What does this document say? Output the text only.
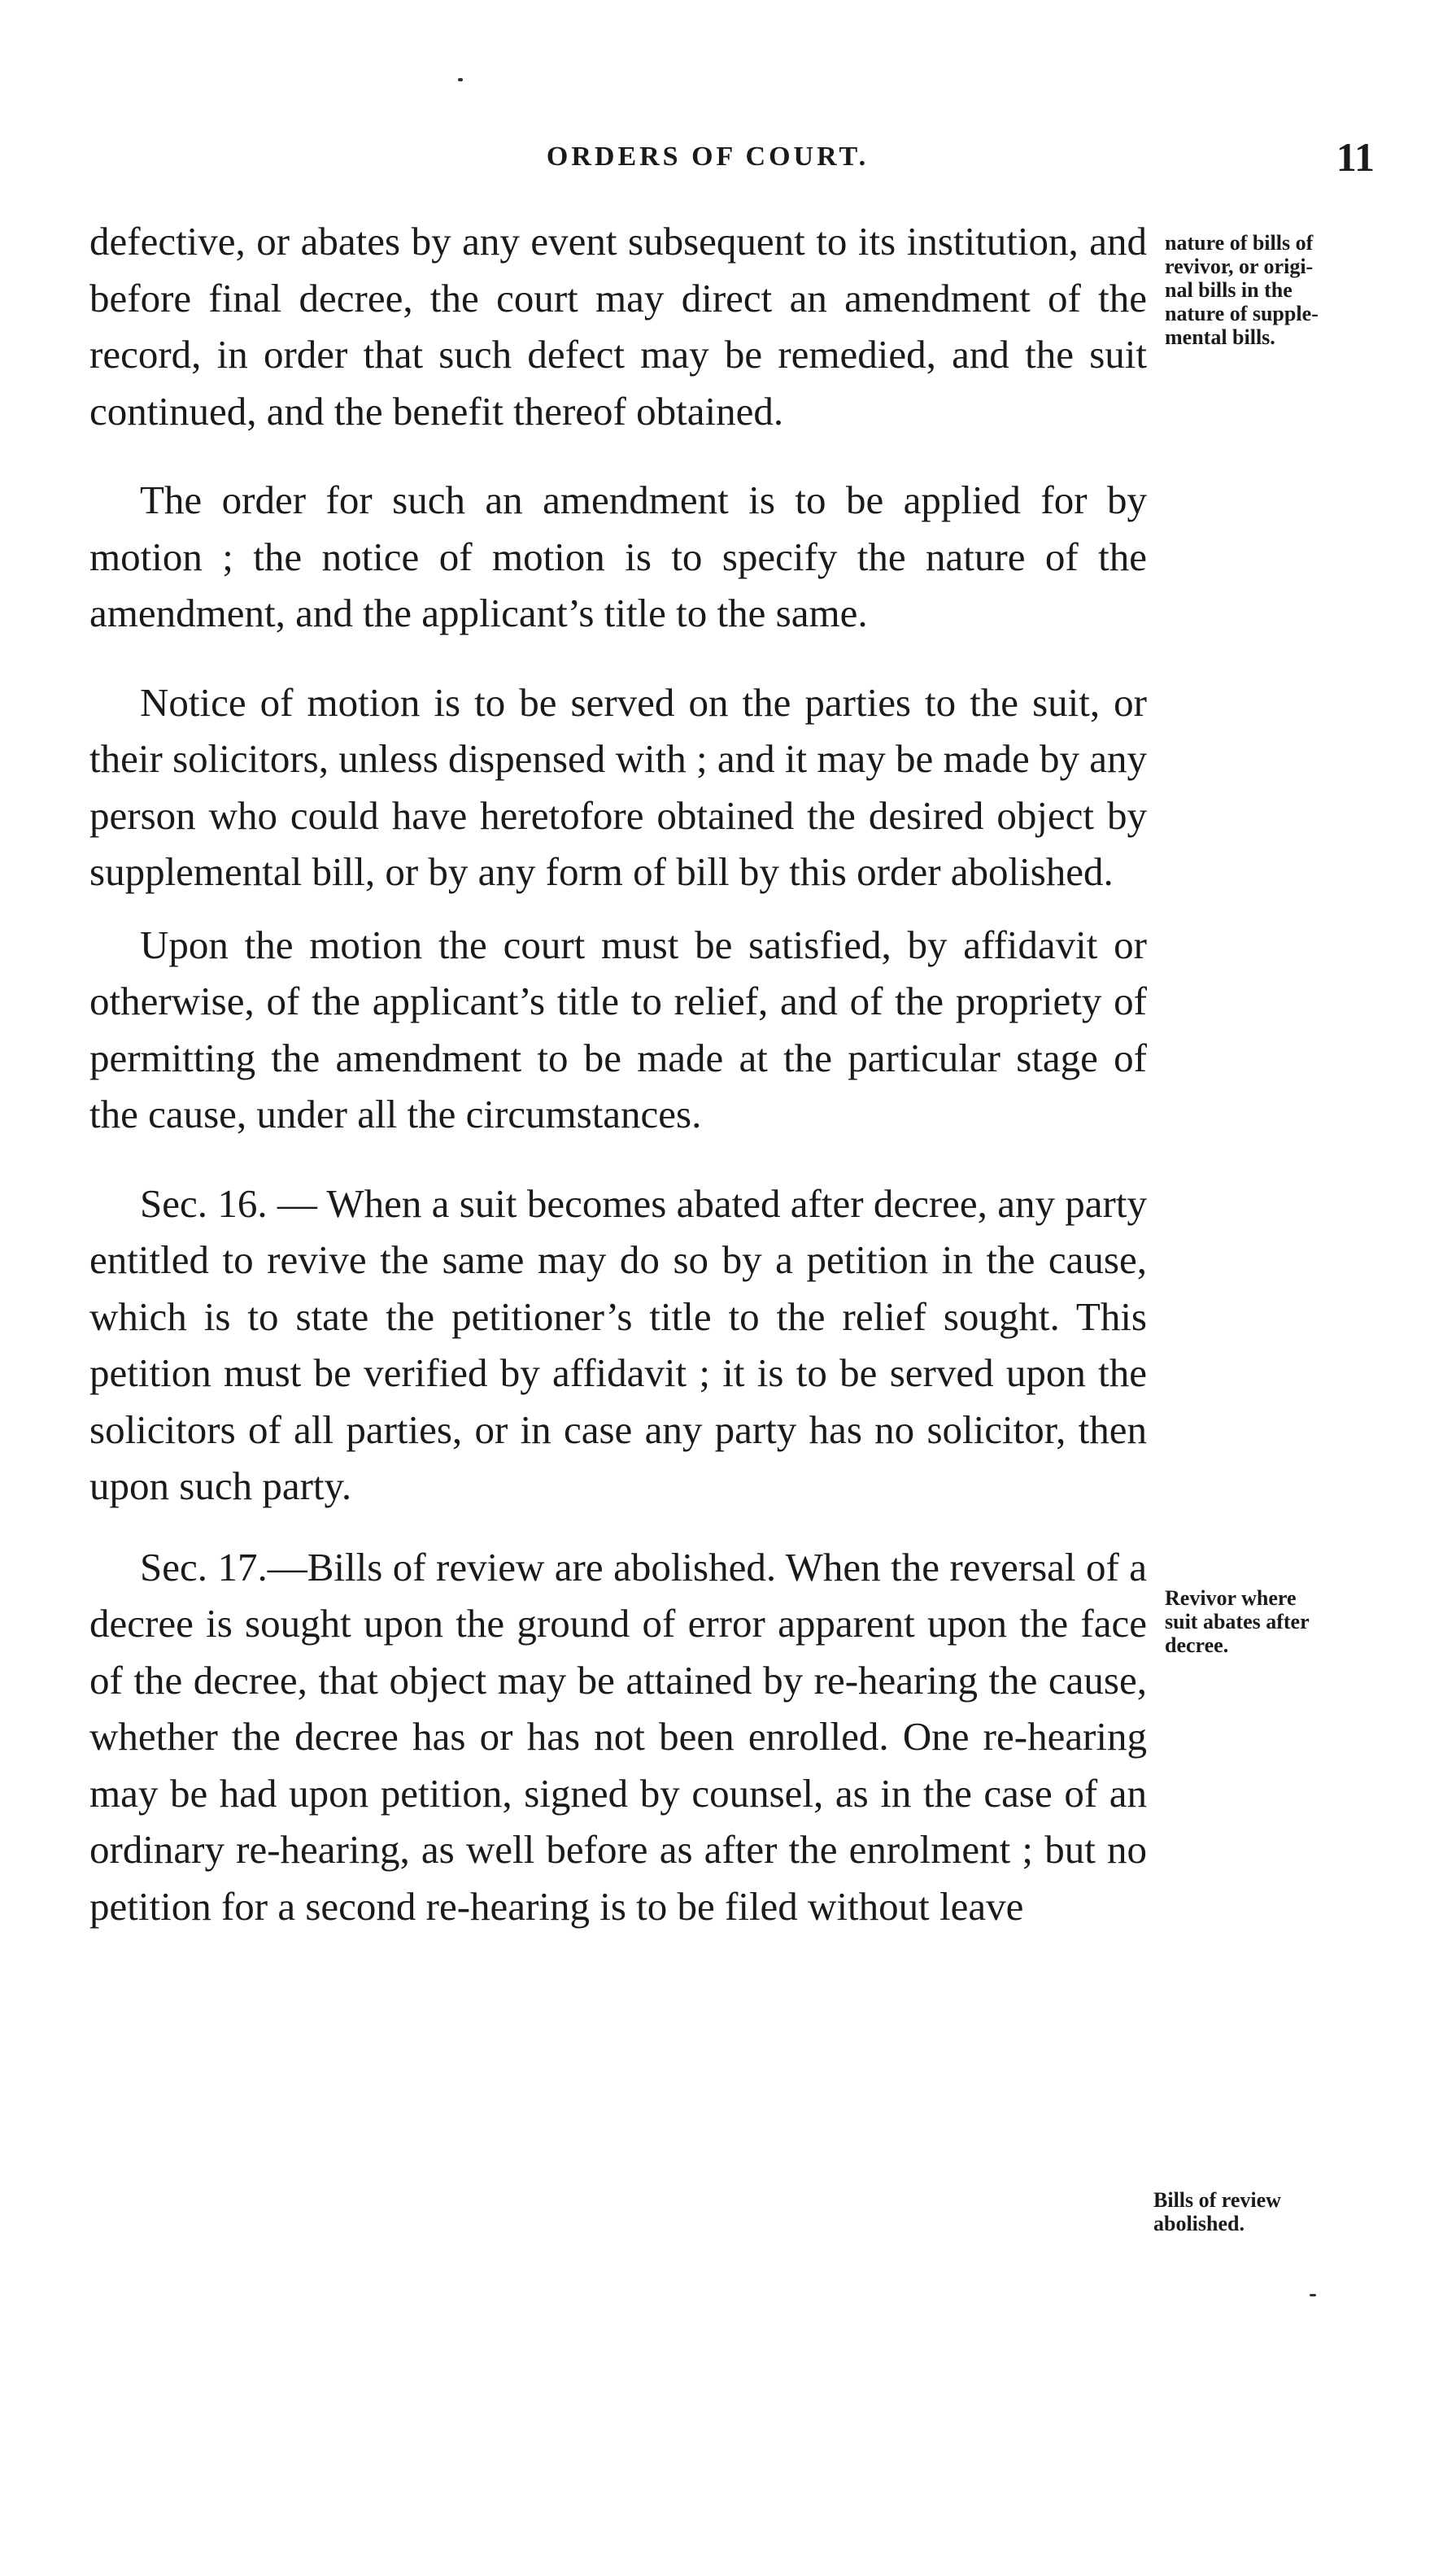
ORDERS OF COURT.	11

defective, or abates by any event subsequent to its institution, and before final decree, the court may direct an amendment of the record, in order that such defect may be remedied, and the suit continued, and the benefit thereof obtained.

The order for such an amendment is to be applied for by motion ; the notice of motion is to specify the nature of the amendment, and the applicant’s title to the same.

Notice of motion is to be served on the parties to the suit, or their solicitors, unless dispensed with ; and it may be made by any person who could have heretofore obtained the desired object by supplemental bill, or by any form of bill by this order abolished.

Upon the motion the court must be satisfied, by affidavit or otherwise, of the applicant’s title to relief, and of the propriety of permitting the amendment to be made at the particular stage of the cause, under all the circumstances.

Sec. 16. — When a suit becomes abated after decree, any party entitled to revive the same may do so by a petition in the cause, which is to state the petitioner’s title to the relief sought. This petition must be verified by affidavit ; it is to be served upon the solicitors of all parties, or in case any party has no solicitor, then upon such party.

Sec. 17.—Bills of review are abolished. When the reversal of a decree is sought upon the ground of error apparent upon the face of the decree, that object may be attained by re-hearing the cause, whether the decree has or has not been enrolled. One re-hearing may be had upon petition, signed by counsel, as in the case of an ordinary re-hearing, as well before as after the enrolment ; but no petition for a second re-hearing is to be filed without leave

nature of bills of
revivor, or origi-
nal bills in the
nature of supple-
mental bills.
Revivor where
suit abates after
decree.
Bills of review
abolished.
